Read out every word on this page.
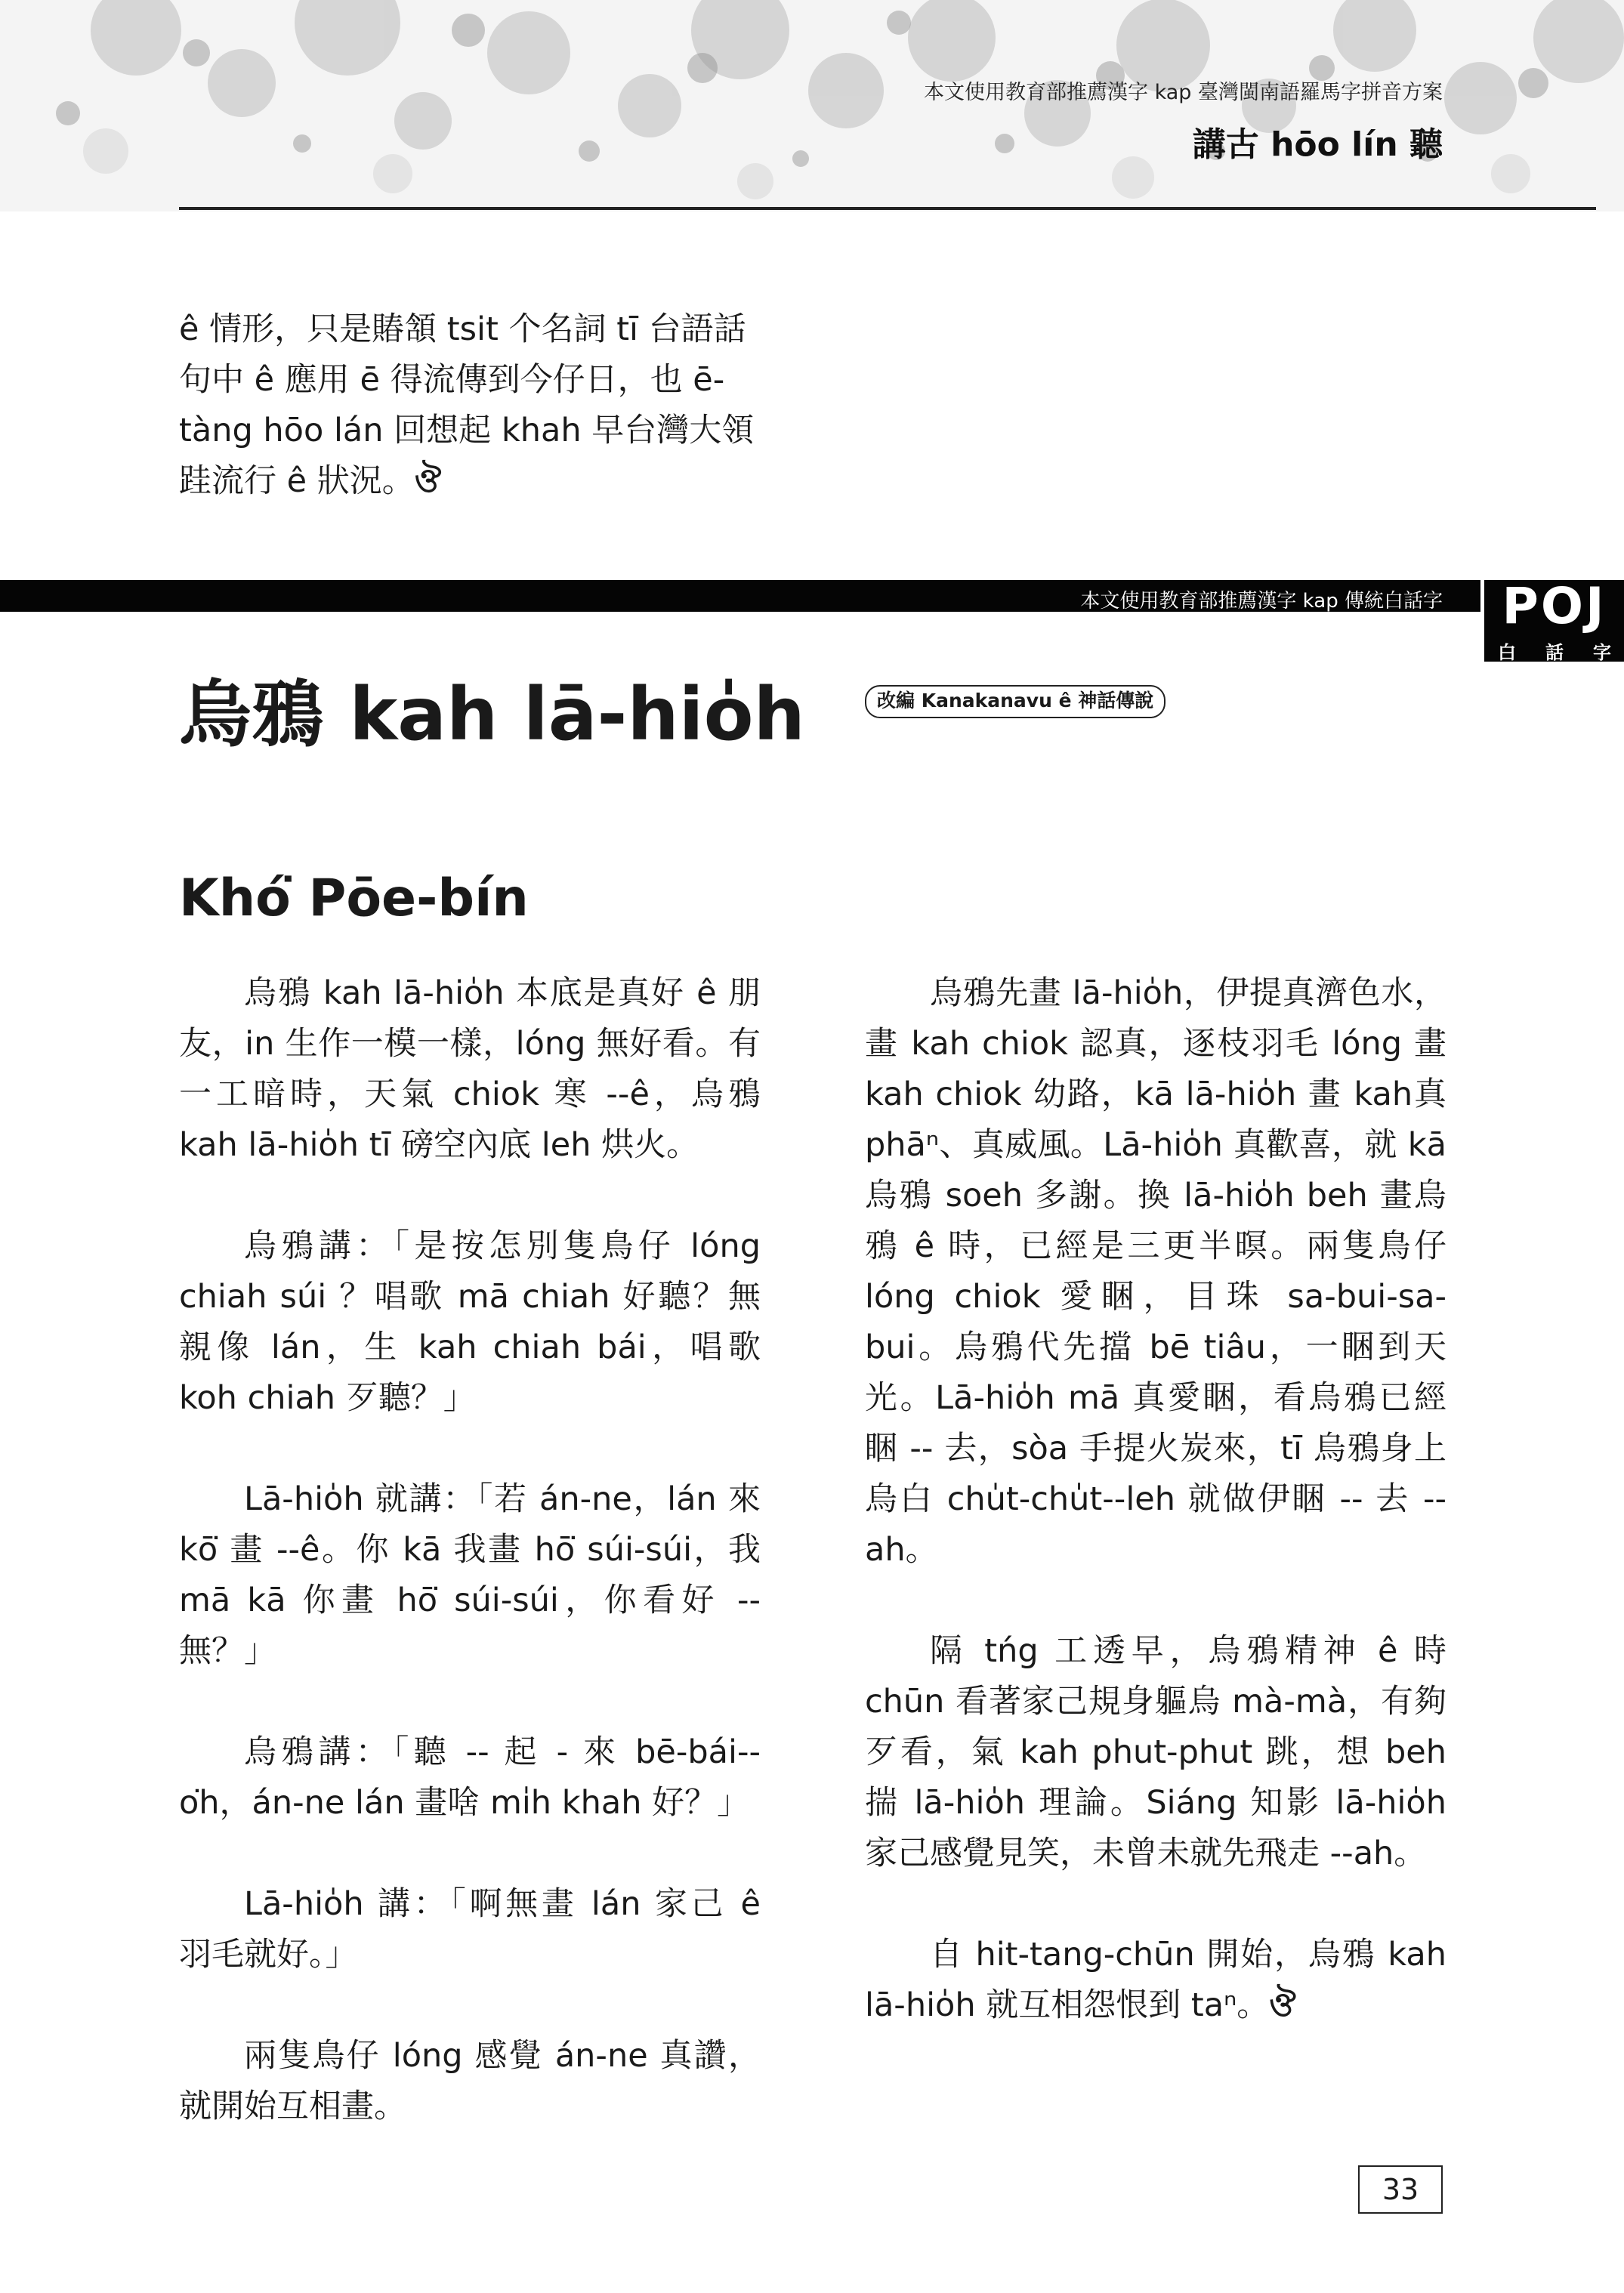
本文使用教育部推薦漢字 kap 臺灣閩南語羅馬字拼音方案
講古 hōo lín 聽

ê 情形，只是賰頷 tsit 个名詞 tī 台語話句中 ê 應用 ē 得流傳到今仔日，也 ē-tàng hōo lán 回想起 khah 早台灣大領跬流行 ê 狀況。ঔ

本文使用教育部推薦漢字 kap 傳統白話字	POJ
白 話 字
烏鴉 kah lā-hio̍h	改編 Kanakanavu ê 神話傳說
Khó͘ Pōe-bín

烏鴉 kah lā-hio̍h 本底是真好 ê 朋友，in 生作一模一樣，lóng 無好看。有一工暗時，天氣 chiok 寒 --ê，烏鴉 kah lā-hio̍h tī 磅空內底 leh 烘火。

烏鴉講：「是按怎別隻鳥仔 lóng chiah súi ？唱歌 mā chiah 好聽？無親像 lán，生 kah chiah bái，唱歌 koh chiah 歹聽？」

Lā-hio̍h 就講：「若 án-ne，lán 來 kō͘ 畫 --ê。你 kā 我畫 hō͘ súi-súi，我 mā kā 你畫 hō͘ súi-súi，你看好 -- 無？」

烏鴉講：「聽 -- 起 - 來 bē-bái--o͘h，án-ne lán 畫啥 mi̍h khah 好？」

Lā-hio̍h 講：「啊無畫 lán 家己 ê 羽毛就好。」

兩隻鳥仔 lóng 感覺 án-ne 真讚，就開始互相畫。

烏鴉先畫 lā-hio̍h，伊提真濟色水，畫 kah chiok 認真，逐枝羽毛 lóng 畫 kah chiok 幼路，kā lā-hio̍h 畫 kah真 phāⁿ、真威風。Lā-hio̍h 真歡喜，就 kā 烏鴉 soeh 多謝。換 lā-hio̍h beh 畫烏鴉 ê 時，已經是三更半暝。兩隻鳥仔 lóng chiok 愛睏，目珠 sa-bui-sa-bui。烏鴉代先擋 bē tiâu，一睏到天光。Lā-hio̍h mā 真愛睏，看烏鴉已經睏 -- 去，sòa 手提火炭來，tī 烏鴉身上烏白 chu̍t-chu̍t--leh 就做伊睏 -- 去 --ah。

隔 tńg 工透早，烏鴉精神 ê 時 chūn 看著家己規身軀烏 mà-mà，有夠歹看，氣 kah phut-phut 跳，想 beh 揣 lā-hio̍h 理論。Siáng 知影 lā-hio̍h 家己感覺見笑，未曾未就先飛走 --ah。

自 hit-tang-chūn 開始，烏鴉 kah lā-hio̍h 就互相怨恨到 taⁿ。ঔ

33
